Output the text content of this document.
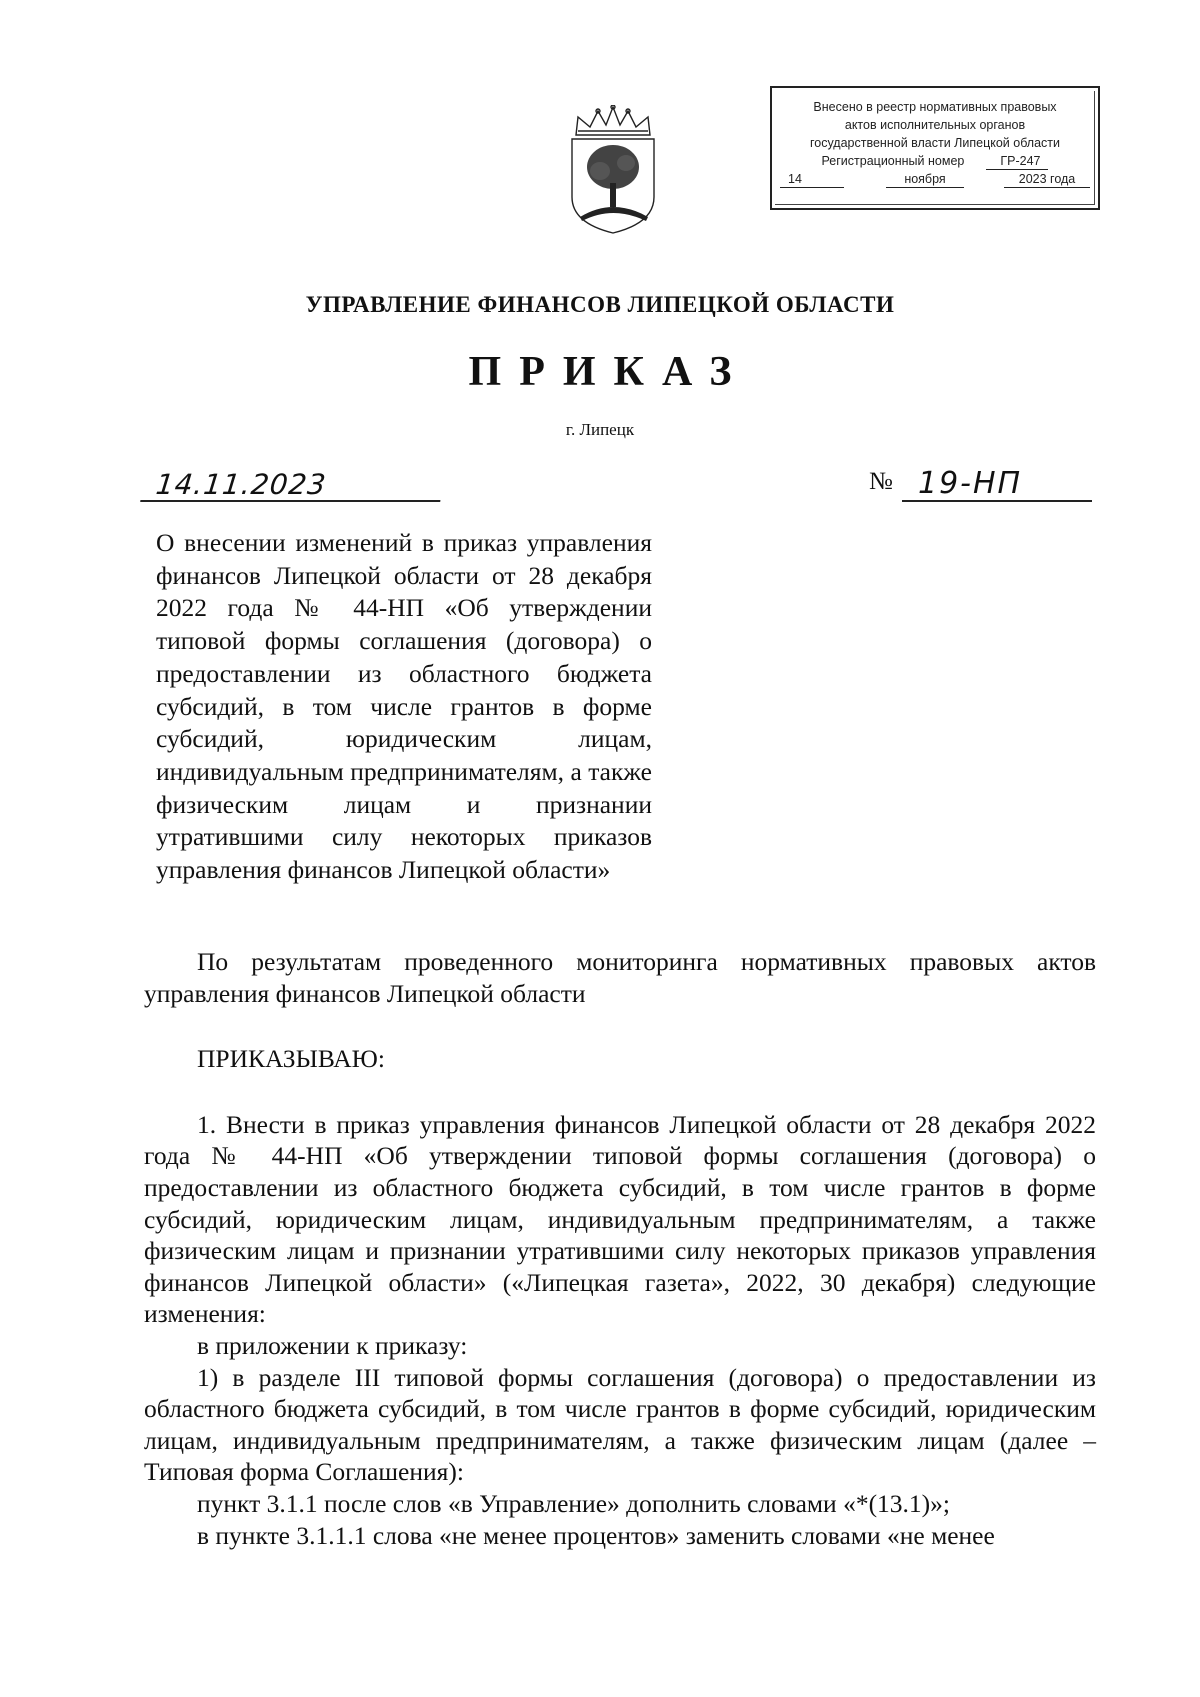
Внесено в реестр нормативных правовых
актов исполнительных органов
государственной власти Липецкой области
Регистрационный номер	ГР-247
14	ноября	2023 года
УПРАВЛЕНИЕ ФИНАНСОВ ЛИПЕЦКОЙ ОБЛАСТИ
ПРИКАЗ
г. Липецк
14.11.2023	№ 19-НП

О внесении изменений в приказ управления финансов Липецкой области от 28 декабря 2022 года № 44-НП «Об утверждении типовой формы соглашения (договора) о предоставлении из областного бюджета субсидий, в том числе грантов в форме субсидий, юридическим лицам, индивидуальным предпринимателям, а также физическим лицам и признании утратившими силу некоторых приказов управления финансов Липецкой области»

По результатам проведенного мониторинга нормативных правовых актов управления финансов Липецкой области

ПРИКАЗЫВАЮ:

1. Внести в приказ управления финансов Липецкой области от 28 декабря 2022 года № 44-НП «Об утверждении типовой формы соглашения (договора) о предоставлении из областного бюджета субсидий, в том числе грантов в форме субсидий, юридическим лицам, индивидуальным предпринимателям, а также физическим лицам и признании утратившими силу некоторых приказов управления финансов Липецкой области» («Липецкая газета», 2022, 30 декабря) следующие изменения:

в приложении к приказу:

1) в разделе III типовой формы соглашения (договора) о предоставлении из областного бюджета субсидий, в том числе грантов в форме субсидий, юридическим лицам, индивидуальным предпринимателям, а также физическим лицам (далее – Типовая форма Соглашения):

пункт 3.1.1 после слов «в Управление» дополнить словами «*(13.1)»;

в пункте 3.1.1.1 слова «не менее процентов» заменить словами «не менее
